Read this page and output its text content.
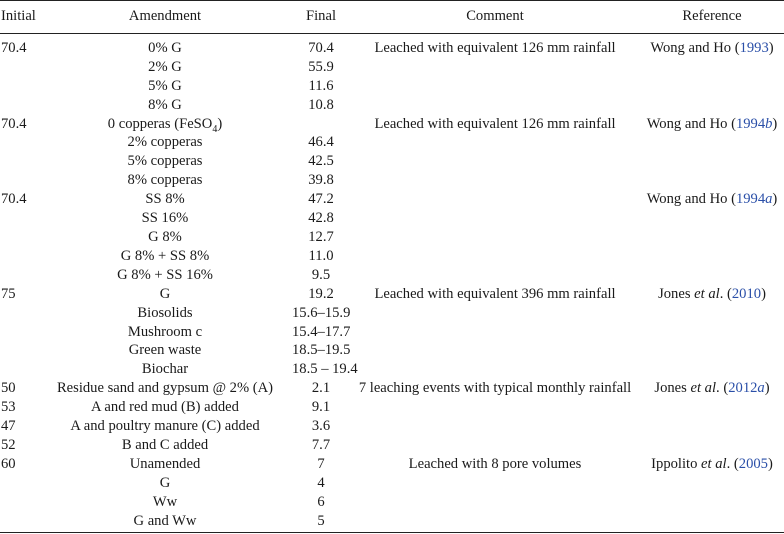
Initial	Amendment	Final	Comment	Reference
70.4	0% G	70.4	Leached with equivalent 126 mm rainfall	Wong and Ho (1993)
	2% G	55.9		
	5% G	11.6		
	8% G	10.8		
70.4	0 copperas (FeSO$_4$)		Leached with equivalent 126 mm rainfall	Wong and Ho (1994b)
	2% copperas	46.4		
	5% copperas	42.5		
	8% copperas	39.8		
70.4	SS 8%	47.2		Wong and Ho (1994a)
	SS 16%	42.8		
	G 8%	12.7		
	G 8% + SS 8%	11.0		
	G 8% + SS 16%	9.5		
75	G	19.2	Leached with equivalent 396 mm rainfall	Jones et al. (2010)
	Biosolids	15.6–15.9		
	Mushroom c	15.4–17.7		
	Green waste	18.5–19.5		
	Biochar	18.5 – 19.4		
50	Residue sand and gypsum @ 2% (A)	2.1	7 leaching events with typical monthly rainfall	Jones et al. (2012a)
53	A and red mud (B) added	9.1		
47	A and poultry manure (C) added	3.6		
52	B and C added	7.7		
60	Unamended	7	Leached with 8 pore volumes	Ippolito et al. (2005)
	G	4		
	Ww	6		
	G and Ww	5		
